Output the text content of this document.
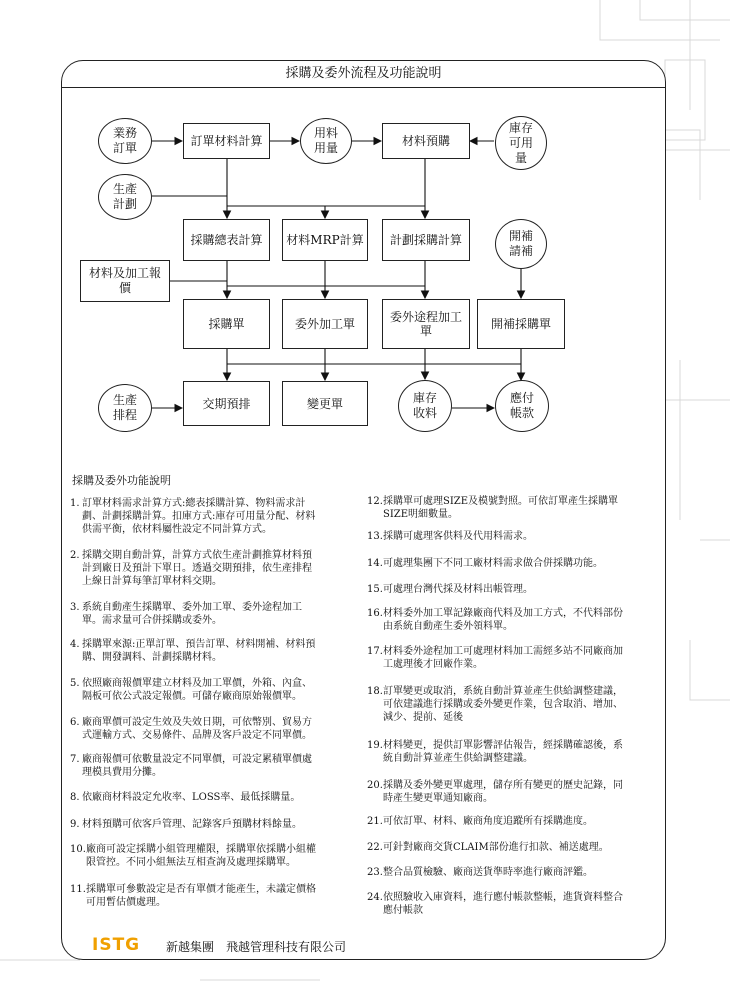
採購及委外流程及功能說明
業務
訂單	訂單材料計算
用料
用量	材料預購
庫存
可用
量
生產
計劃
採購總表計算	材料MRP計算	計劃採購計算	開補
請補
材料及加工報
價
採購單	委外加工單	委外途程加工
單	開補採購單
生產
排程
交期預排	變更單	庫存
收料
應付
帳款
採購及委外功能說明
1. 訂單材料需求計算方式:總表採購計算、物料需求計
劃、計劃採購計算。扣庫方式:庫存可用量分配、材料
供需平衡，依材料屬性設定不同計算方式。
2. 採購交期自動計算，計算方式依生產計劃推算材料預
計到廠日及預計下單日。透過交期預排，依生產排程
上線日計算每筆訂單材料交期。
3. 系統自動產生採購單、委外加工單、委外途程加工
單。需求量可合併採購或委外。
4. 採購單來源:正單訂單、預告訂單、材料開補、材料預
購、開發調料、計劃採購材料。
5. 依照廠商報價單建立材料及加工單價，外箱、內盒、
隔板可依公式設定報價。可儲存廠商原始報價單。
6. 廠商單價可設定生效及失效日期，可依幣別、貿易方
式運輸方式、交易條件、品牌及客戶設定不同單價。
7. 廠商報價可依數量設定不同單價，可設定累積單價處
理模具費用分攤。
8. 依廠商材料設定允收率、LOSS率、最低採購量。
9. 材料預購可依客戶管理、記錄客戶預購材料餘量。
10. 廠商可設定採購小組管理權限，採購單依採購小組權
限管控。不同小組無法互相查詢及處理採購單。
11. 採購單可參數設定是否有單價才能產生，未議定價格
可用暫估價處理。
12. 採購單可處理SIZE及模號對照。可依訂單產生採購單
SIZE明細數量。
13. 採購可處理客供料及代用料需求。
14. 可處理集團下不同工廠材料需求做合併採購功能。
15. 可處理台灣代採及材料出帳管理。
16. 材料委外加工單記錄廠商代料及加工方式，不代料部份
由系統自動產生委外領料單。
17. 材料委外途程加工可處理材料加工需經多站不同廠商加
工處理後才回廠作業。
18. 訂單變更或取消，系統自動計算並產生供給調整建議，
可依建議進行採購或委外變更作業，包含取消、增加、
減少、提前、延後
19. 材料變更，提供訂單影響評估報告，經採購確認後，系
統自動計算並產生供給調整建議。
20. 採購及委外變更單處理，儲存所有變更的歷史記錄，同
時產生變更單通知廠商。
21. 可依訂單、材料、廠商角度追蹤所有採購進度。
22. 可針對廠商交貨CLAIM部份進行扣款、補送處理。
23. 整合品質檢驗、廠商送貨準時率進行廠商評鑑。
24. 依照驗收入庫資料，進行應付帳款整帳，進貨資料整合
應付帳款
ISTG 新越集團　飛越管理科技有限公司
